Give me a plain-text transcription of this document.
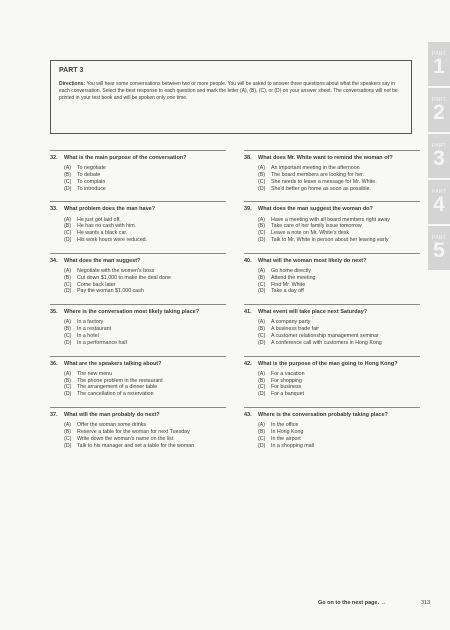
PART
1
PART
2
PART
3
PART
4
PART
5
PART 3

Directions: You will hear some conversations between two or more people. You will be asked to answer three questions about what the speakers say in each conversation. Select the best response to each question and mark the letter (A), (B), (C), or (D) on your answer sheet. The conversations will not be printed in your test book and will be spoken only one time.

32.	What is the main purpose of the conversation?
(A)	To negotiate
(B)	To debate
(C)	To complain
(D)	To introduce
33.	What problem does the man have?
(A)	He just got laid off.
(B)	He has no cash with him.
(C)	He wants a black car.
(D)	His work hours were reduced.
34.	What does the man suggest?
(A)	Negotiate with the women's boss
(B)	Cut down $1,000 to make the deal done
(C)	Come back later
(D)	Pay the woman $1,000 cash
35.	Where is the conversation most likely taking place?
(A)	In a factory
(B)	In a restaurant
(C)	In a hotel
(D)	In a performance hall
36.	What are the speakers talking about?
(A)	The new menu
(B)	The phone problem in the restaurant
(C)	The arrangement of a dinner table
(D)	The cancellation of a reservation
37.	What will the man probably do next?
(A)	Offer the woman some drinks
(B)	Reserve a table for the woman for next Tuesday
(C)	Write down the woman's name on the list
(D)	Talk to his manager and set a table for the woman
38.	What does Mr. White want to remind the woman of?
(A)	An important meeting in the afternoon
(B)	The board members are looking for her.
(C)	She needs to leave a message for Mr. White.
(D)	She'd better go home as soon as possible.
39.	What does the man suggest the woman do?
(A)	Have a meeting with all board members right away
(B)	Take care of her family issue tomorrow
(C)	Leave a note on Mr. White's desk
(D)	Talk to Mr. White in person about her leaving early
40.	What will the woman most likely do next?
(A)	Go home directly
(B)	Attend the meeting
(C)	Find Mr. White
(D)	Take a day off
41.	What event will take place next Saturday?
(A)	A company party
(B)	A business trade fair
(C)	A customer relationship management seminar
(D)	A conference call with customers in Hong Kong
42.	What is the purpose of the man going to Hong Kong?
(A)	For a vacation
(B)	For shopping
(C)	For business
(D)	For a banquet
43.	Where is the conversation probably taking place?
(A)	In the office
(B)	In Hong Kong
(C)	In the airport
(D)	In a shopping mall
Go on to the next page. →	313
